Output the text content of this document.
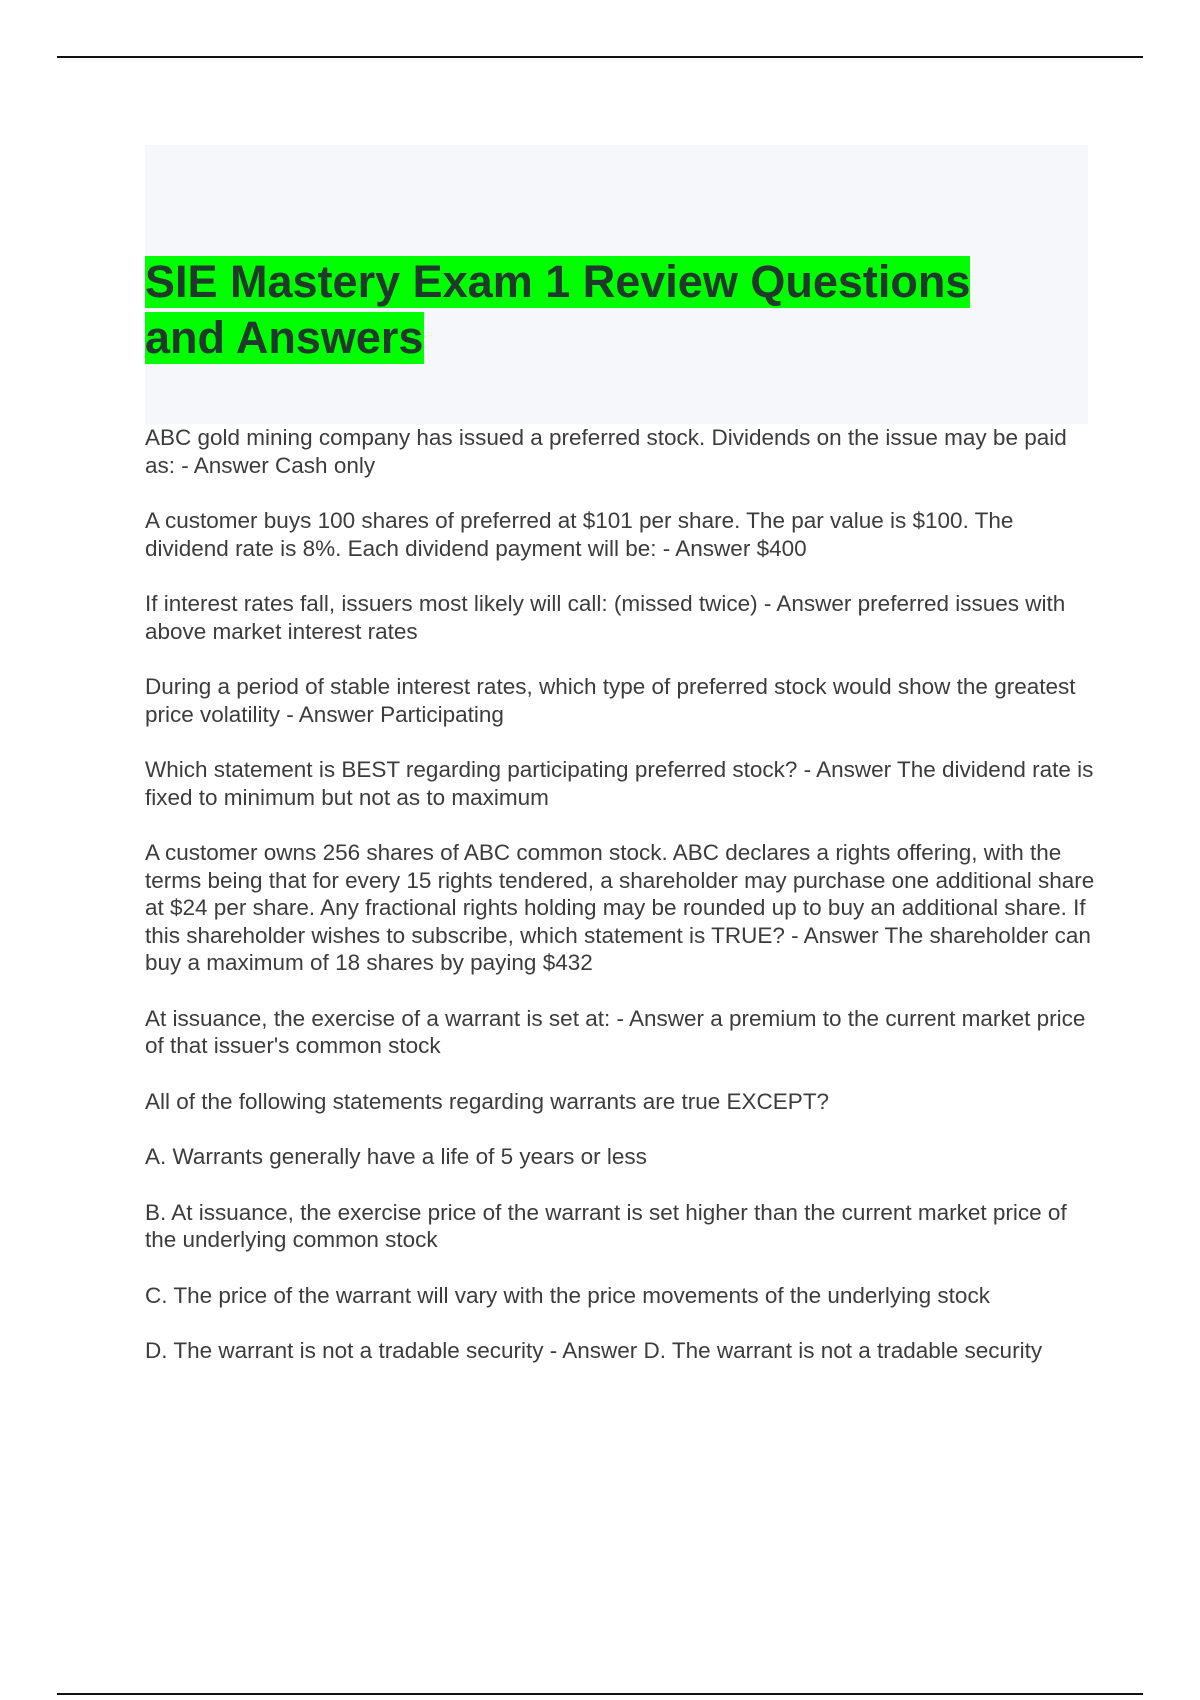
SIE Mastery Exam 1 Review Questions and Answers

ABC gold mining company has issued a preferred stock. Dividends on the issue may be paid as: - Answer Cash only

A customer buys 100 shares of preferred at $101 per share. The par value is $100. The dividend rate is 8%. Each dividend payment will be: - Answer $400

If interest rates fall, issuers most likely will call: (missed twice) - Answer preferred issues with above market interest rates

During a period of stable interest rates, which type of preferred stock would show the greatest price volatility - Answer Participating

Which statement is BEST regarding participating preferred stock? - Answer The dividend rate is fixed to minimum but not as to maximum

A customer owns 256 shares of ABC common stock. ABC declares a rights offering, with the terms being that for every 15 rights tendered, a shareholder may purchase one additional share at $24 per share. Any fractional rights holding may be rounded up to buy an additional share. If this shareholder wishes to subscribe, which statement is TRUE? - Answer The shareholder can buy a maximum of 18 shares by paying $432

At issuance, the exercise of a warrant is set at: - Answer a premium to the current market price of that issuer's common stock

All of the following statements regarding warrants are true EXCEPT?

A. Warrants generally have a life of 5 years or less

B. At issuance, the exercise price of the warrant is set higher than the current market price of the underlying common stock

C. The price of the warrant will vary with the price movements of the underlying stock

D. The warrant is not a tradable security - Answer D. The warrant is not a tradable security
